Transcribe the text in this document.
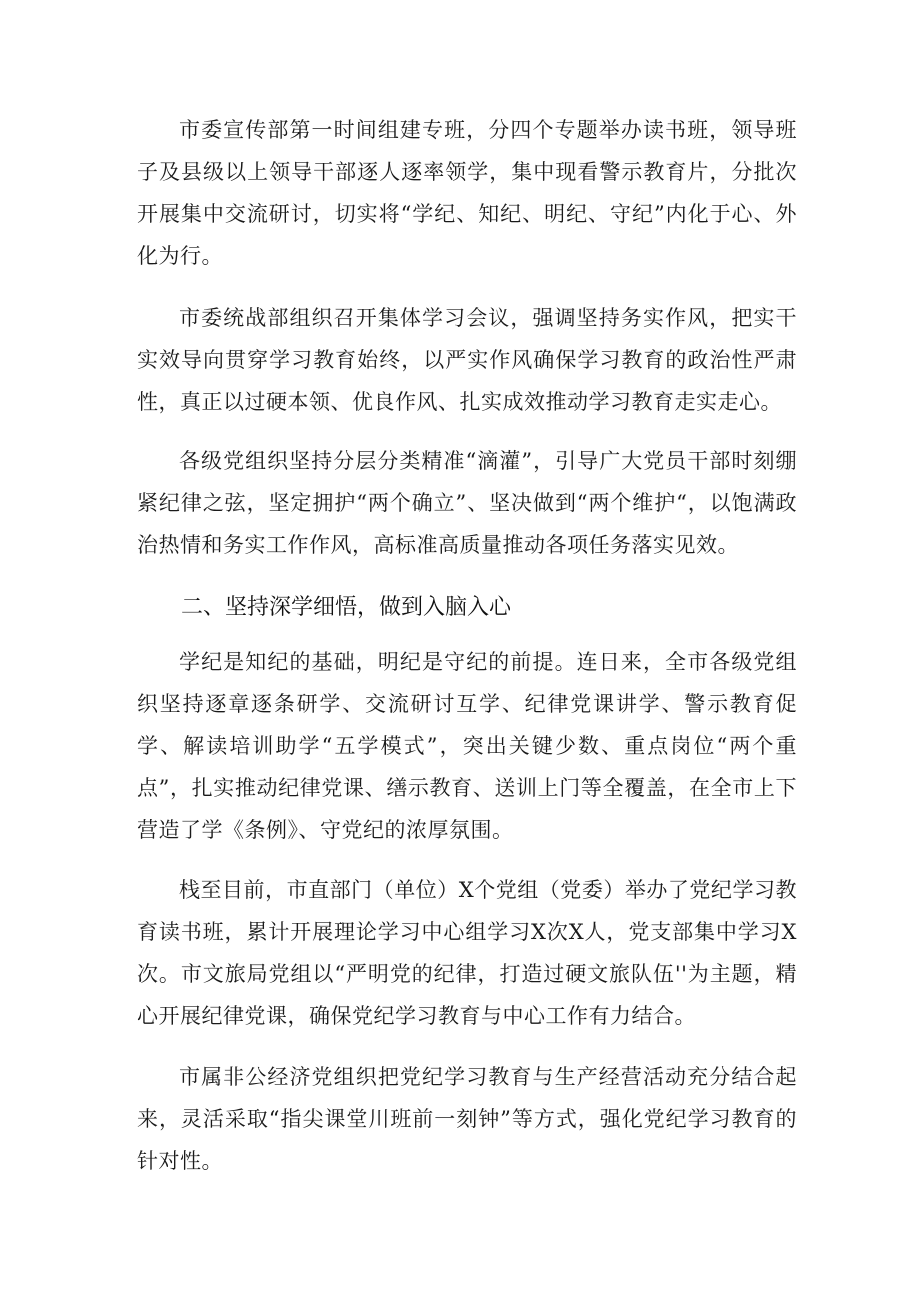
市委宣传部第一时间组建专班，分四个专题举办读书班，领导班子及县级以上领导干部逐人逐率领学，集中现看警示教育片，分批次开展集中交流研讨，切实将“学纪、知纪、明纪、守纪”内化于心、外化为行。

市委统战部组织召开集体学习会议，强调坚持务实作风，把实干实效导向贯穿学习教育始终，以严实作风确保学习教育的政治性严肃性，真正以过硬本领、优良作风、扎实成效推动学习教育走实走心。

各级党组织坚持分层分类精准“滴灌”，引导广大党员干部时刻绷紧纪律之弦，坚定拥护“两个确立”、坚决做到“两个维护“，以饱满政治热情和务实工作作风，高标准高质量推动各项任务落实见效。

二、坚持深学细悟，做到入脑入心

学纪是知纪的基础，明纪是守纪的前提。连日来，全市各级党组织坚持逐章逐条研学、交流研讨互学、纪律党课讲学、警示教育促学、解读培训助学“五学模式”，突出关键少数、重点岗位“两个重点”，扎实推动纪律党课、缮示教育、送训上门等全覆盖，在全市上下营造了学《条例》、守党纪的浓厚氛围。

栈至目前，市直部门（单位）X个党组（党委）举办了党纪学习教育读书班，累计开展理论学习中心组学习X次X人，党支部集中学习X次。市文旅局党组以“严明党的纪律，打造过硬文旅队伍''为主题，精心开展纪律党课，确保党纪学习教育与中心工作有力结合。

市属非公经济党组织把党纪学习教育与生产经营活动充分结合起来，灵活采取“指尖课堂川班前一刻钟”等方式，强化党纪学习教育的针对性。
